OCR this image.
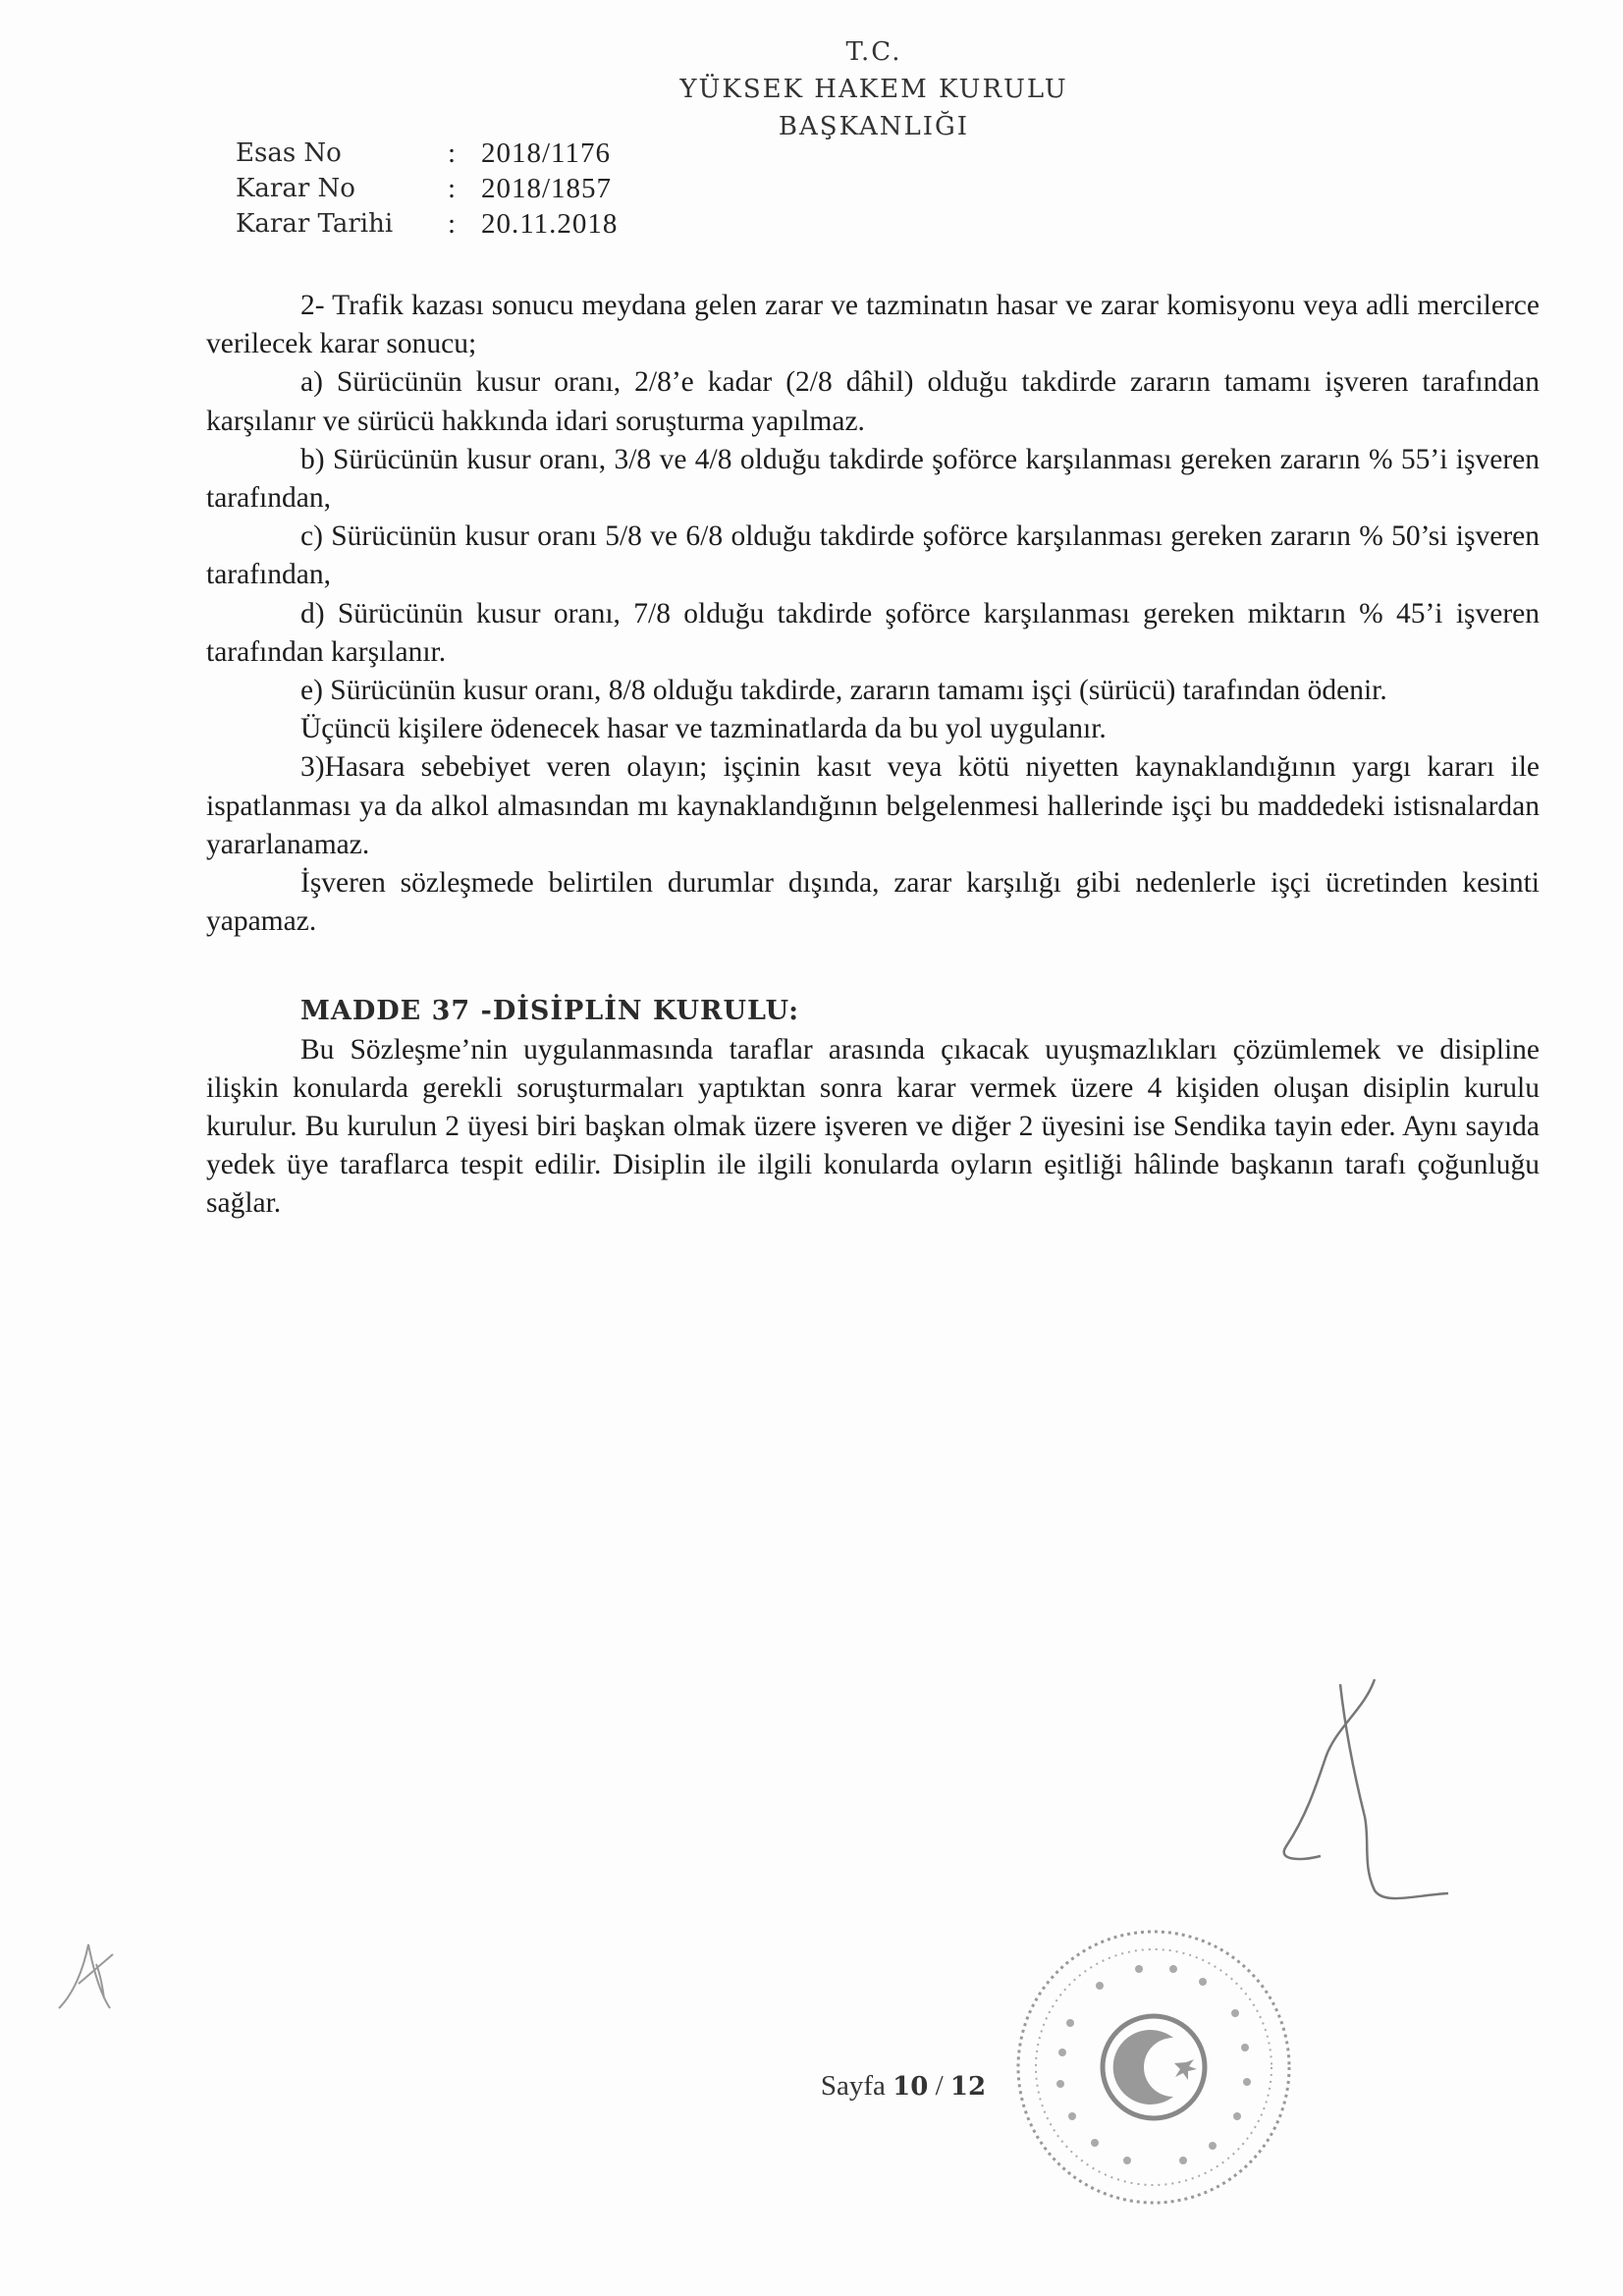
T.C.
YÜKSEK HAKEM KURULU
BAŞKANLIĞI
Esas No	: 2018/1176
Karar No	: 2018/1857
Karar Tarihi	: 20.11.2018

2- Trafik kazası sonucu meydana gelen zarar ve tazminatın hasar ve zarar komisyonu veya adli mercilerce verilecek karar sonucu;

a) Sürücünün kusur oranı, 2/8’e kadar (2/8 dâhil) olduğu takdirde zararın tamamı işveren tarafından karşılanır ve sürücü hakkında idari soruşturma yapılmaz.

b) Sürücünün kusur oranı, 3/8 ve 4/8 olduğu takdirde şoförce karşılanması gereken zararın % 55’i işveren tarafından,

c) Sürücünün kusur oranı 5/8 ve 6/8 olduğu takdirde şoförce karşılanması gereken zararın % 50’si işveren tarafından,

d) Sürücünün kusur oranı, 7/8 olduğu takdirde şoförce karşılanması gereken miktarın % 45’i işveren tarafından karşılanır.

e) Sürücünün kusur oranı, 8/8 olduğu takdirde, zararın tamamı işçi (sürücü) tarafından ödenir.

Üçüncü kişilere ödenecek hasar ve tazminatlarda da bu yol uygulanır.

3)Hasara sebebiyet veren olayın; işçinin kasıt veya kötü niyetten kaynaklandığının yargı kararı ile ispatlanması ya da alkol almasından mı kaynaklandığının belgelenmesi hallerinde işçi bu maddedeki istisnalardan yararlanamaz.

İşveren sözleşmede belirtilen durumlar dışında, zarar karşılığı gibi nedenlerle işçi ücretinden kesinti yapamaz.

MADDE 37 -DİSİPLİN KURULU:

Bu Sözleşme’nin uygulanmasında taraflar arasında çıkacak uyuşmazlıkları çözümlemek ve disipline ilişkin konularda gerekli soruşturmaları yaptıktan sonra karar vermek üzere 4 kişiden oluşan disiplin kurulu kurulur. Bu kurulun 2 üyesi biri başkan olmak üzere işveren ve diğer 2 üyesini ise Sendika tayin eder. Aynı sayıda yedek üye taraflarca tespit edilir. Disiplin ile ilgili konularda oyların eşitliği hâlinde başkanın tarafı çoğunluğu sağlar.

Sayfa 10 / 12
